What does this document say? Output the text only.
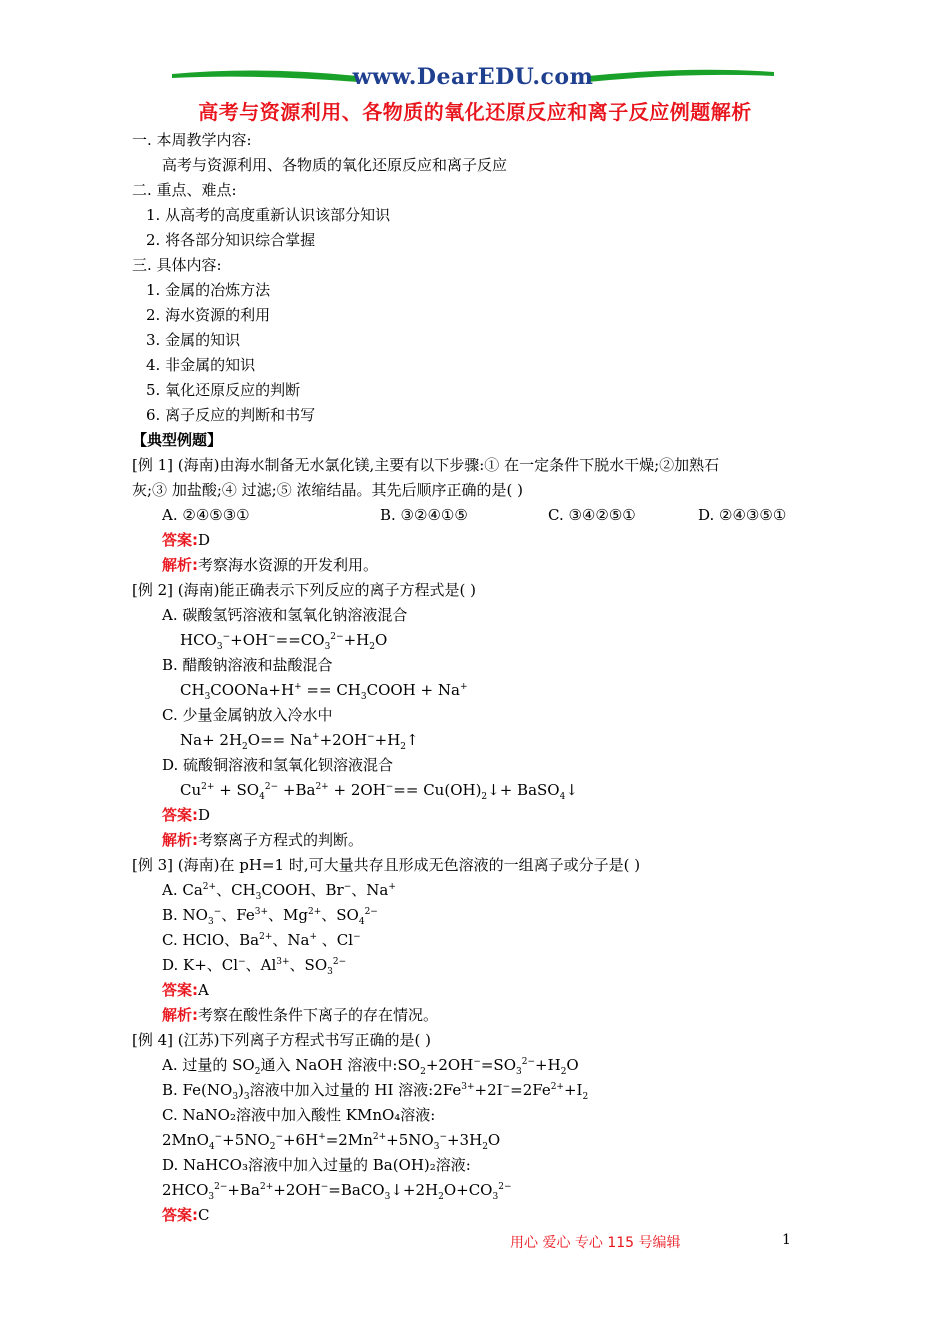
www.DearEDU.com
高考与资源利用、各物质的氧化还原反应和离子反应例题解析
一. 本周教学内容:
高考与资源利用、各物质的氧化还原反应和离子反应
二. 重点、难点:
1. 从高考的高度重新认识该部分知识
2. 将各部分知识综合掌握
三. 具体内容:
1. 金属的冶炼方法
2. 海水资源的利用
3. 金属的知识
4. 非金属的知识
5. 氧化还原反应的判断
6. 离子反应的判断和书写
【典型例题】
[例 1] (海南)由海水制备无水氯化镁,主要有以下步骤:① 在一定条件下脱水干燥;②加熟石
灰;③ 加盐酸;④ 过滤;⑤ 浓缩结晶。其先后顺序正确的是( )
A. ②④⑤③①	B. ③②④①⑤	C. ③④②⑤①	D. ②④③⑤①
答案:D
解析:考察海水资源的开发利用。
[例 2] (海南)能正确表示下列反应的离子方程式是( )
A. 碳酸氢钙溶液和氢氧化钠溶液混合
$HCO_3^-+OH^-==CO_3^{2-}+H_2O$
B. 醋酸钠溶液和盐酸混合
$CH_3COONa+H^+$ == $CH_3COOH + Na^+$
C. 少量金属钠放入冷水中
$Na+ 2H_2O==$ $Na^++2OH^-+H_2↑$
D. 硫酸铜溶液和氢氧化钡溶液混合
$Cu^{2+} + SO_4^{2-} +Ba^{2+} + 2OH^-==$ $Cu(OH)_2↓+$ BaSO$_4$↓
答案:D
解析:考察离子方程式的判断。
[例 3] (海南)在 pH=1 时,可大量共存且形成无色溶液的一组离子或分子是( )
A. $Ca^{2+}$、$CH_3COOH$、Br−、Na+
B. $NO_3^-$、$Fe^{3+}$、$Mg^{2+}$、$SO_4^{2-}$
C. HClO、$Ba^{2+}$、Na+ 、Cl−
D. K+、Cl−、$Al^{3+}$、$SO_3^{2-}$
答案:A
解析:考察在酸性条件下离子的存在情况。
[例 4] (江苏)下列离子方程式书写正确的是( )
A. 过量的 $SO_2$通入 NaOH 溶液中$:SO_2+2OH^-=SO_3^{2-}+H_2O$
B. $Fe(NO_3)_3$溶液中加入过量的 HI 溶液$:2Fe^{3+}+2I^-=2Fe^{2+}+I_2$
C. NaNO₂溶液中加入酸性 KMnO₄溶液:
$2MnO_4^-+5NO_2^-+6H^+=2Mn^{2+}+5NO_3^-+3H_2O$
D. NaHCO₃溶液中加入过量的 Ba(OH)₂溶液:
$2HCO_3^{2-}+Ba^{2+}+2OH^-=BaCO_3↓+2H_2O+CO_3^{2-}$
答案:C
用心 爱心 专心 115 号编辑	1
